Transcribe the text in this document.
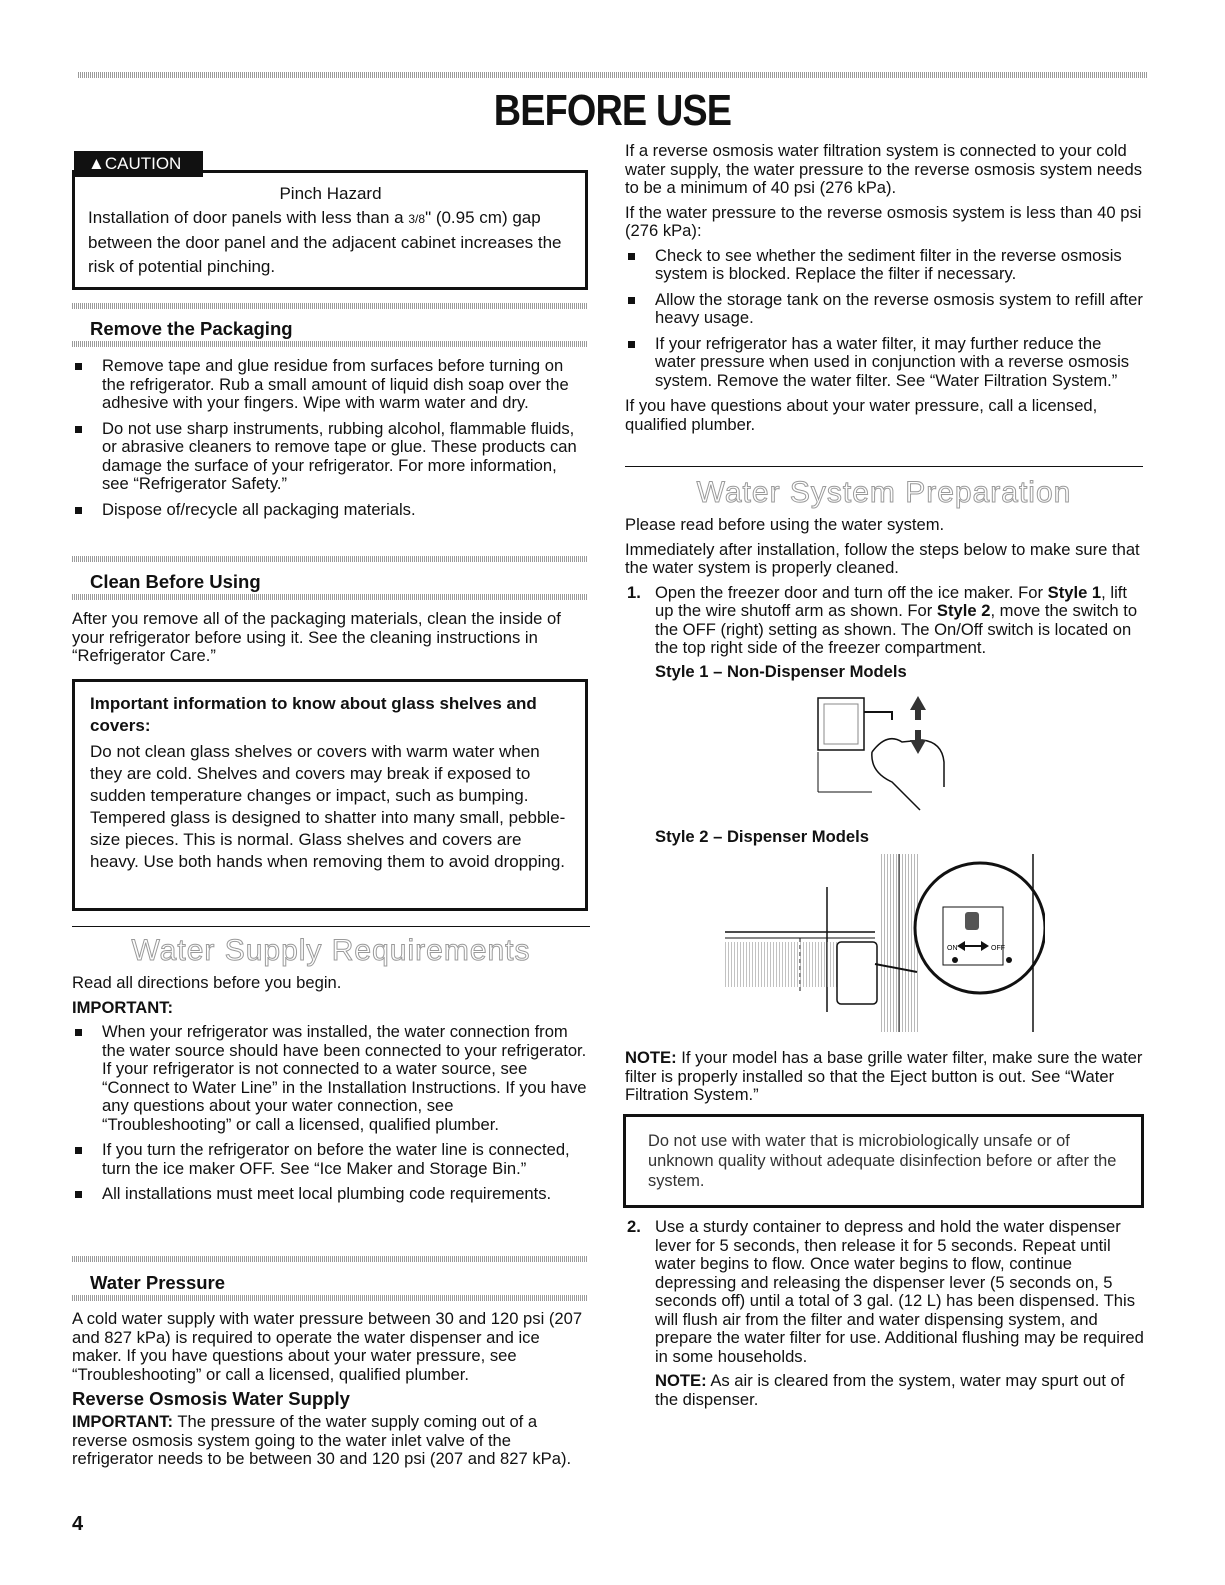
BEFORE USE
▲CAUTION
Pinch Hazard
Installation of door panels with less than a 3/8" (0.95 cm) gap between the door panel and the adjacent cabinet increases the risk of potential pinching.
Remove the Packaging
Remove tape and glue residue from surfaces before turning on the refrigerator. Rub a small amount of liquid dish soap over the adhesive with your fingers. Wipe with warm water and dry.
Do not use sharp instruments, rubbing alcohol, flammable fluids, or abrasive cleaners to remove tape or glue. These products can damage the surface of your refrigerator. For more information, see “Refrigerator Safety.”
Dispose of/recycle all packaging materials.
Clean Before Using
After you remove all of the packaging materials, clean the inside of your refrigerator before using it. See the cleaning instructions in “Refrigerator Care.”
Important information to know about glass shelves and covers:
Do not clean glass shelves or covers with warm water when they are cold. Shelves and covers may break if exposed to sudden temperature changes or impact, such as bumping. Tempered glass is designed to shatter into many small, pebble-size pieces. This is normal. Glass shelves and covers are heavy. Use both hands when removing them to avoid dropping.
Water Supply Requirements

Read all directions before you begin.

IMPORTANT:

When your refrigerator was installed, the water connection from the water source should have been connected to your refrigerator. If your refrigerator is not connected to a water source, see “Connect to Water Line” in the Installation Instructions. If you have any questions about your water connection, see “Troubleshooting” or call a licensed, qualified plumber.
If you turn the refrigerator on before the water line is connected, turn the ice maker OFF. See “Ice Maker and Storage Bin.”
All installations must meet local plumbing code requirements.
Water Pressure
A cold water supply with water pressure between 30 and 120 psi (207 and 827 kPa) is required to operate the water dispenser and ice maker. If you have questions about your water pressure, see “Troubleshooting” or call a licensed, qualified plumber.
Reverse Osmosis Water Supply
IMPORTANT: The pressure of the water supply coming out of a reverse osmosis system going to the water inlet valve of the refrigerator needs to be between 30 and 120 psi (207 and 827 kPa).
4

If a reverse osmosis water filtration system is connected to your cold water supply, the water pressure to the reverse osmosis system needs to be a minimum of 40 psi (276 kPa).

If the water pressure to the reverse osmosis system is less than 40 psi (276 kPa):

Check to see whether the sediment filter in the reverse osmosis system is blocked. Replace the filter if necessary.
Allow the storage tank on the reverse osmosis system to refill after heavy usage.
If your refrigerator has a water filter, it may further reduce the water pressure when used in conjunction with a reverse osmosis system. Remove the water filter. See “Water Filtration System.”

If you have questions about your water pressure, call a licensed, qualified plumber.

Water System Preparation

Please read before using the water system.

Immediately after installation, follow the steps below to make sure that the water system is properly cleaned.

1. Open the freezer door and turn off the ice maker. For Style 1, lift up the wire shutoff arm as shown. For Style 2, move the switch to the OFF (right) setting as shown. The On/Off switch is located on the top right side of the freezer compartment.
Style 1 – Non-Dispenser Models
Style 2 – Dispenser Models
ON	OFF
NOTE: If your model has a base grille water filter, make sure the water filter is properly installed so that the Eject button is out. See “Water Filtration System.”
Do not use with water that is microbiologically unsafe or of unknown quality without adequate disinfection before or after the system.
2. Use a sturdy container to depress and hold the water dispenser lever for 5 seconds, then release it for 5 seconds. Repeat until water begins to flow. Once water begins to flow, continue depressing and releasing the dispenser lever (5 seconds on, 5 seconds off) until a total of 3 gal. (12 L) has been dispensed. This will flush air from the filter and water dispensing system, and prepare the water filter for use. Additional flushing may be required in some households.
NOTE: As air is cleared from the system, water may spurt out of the dispenser.
